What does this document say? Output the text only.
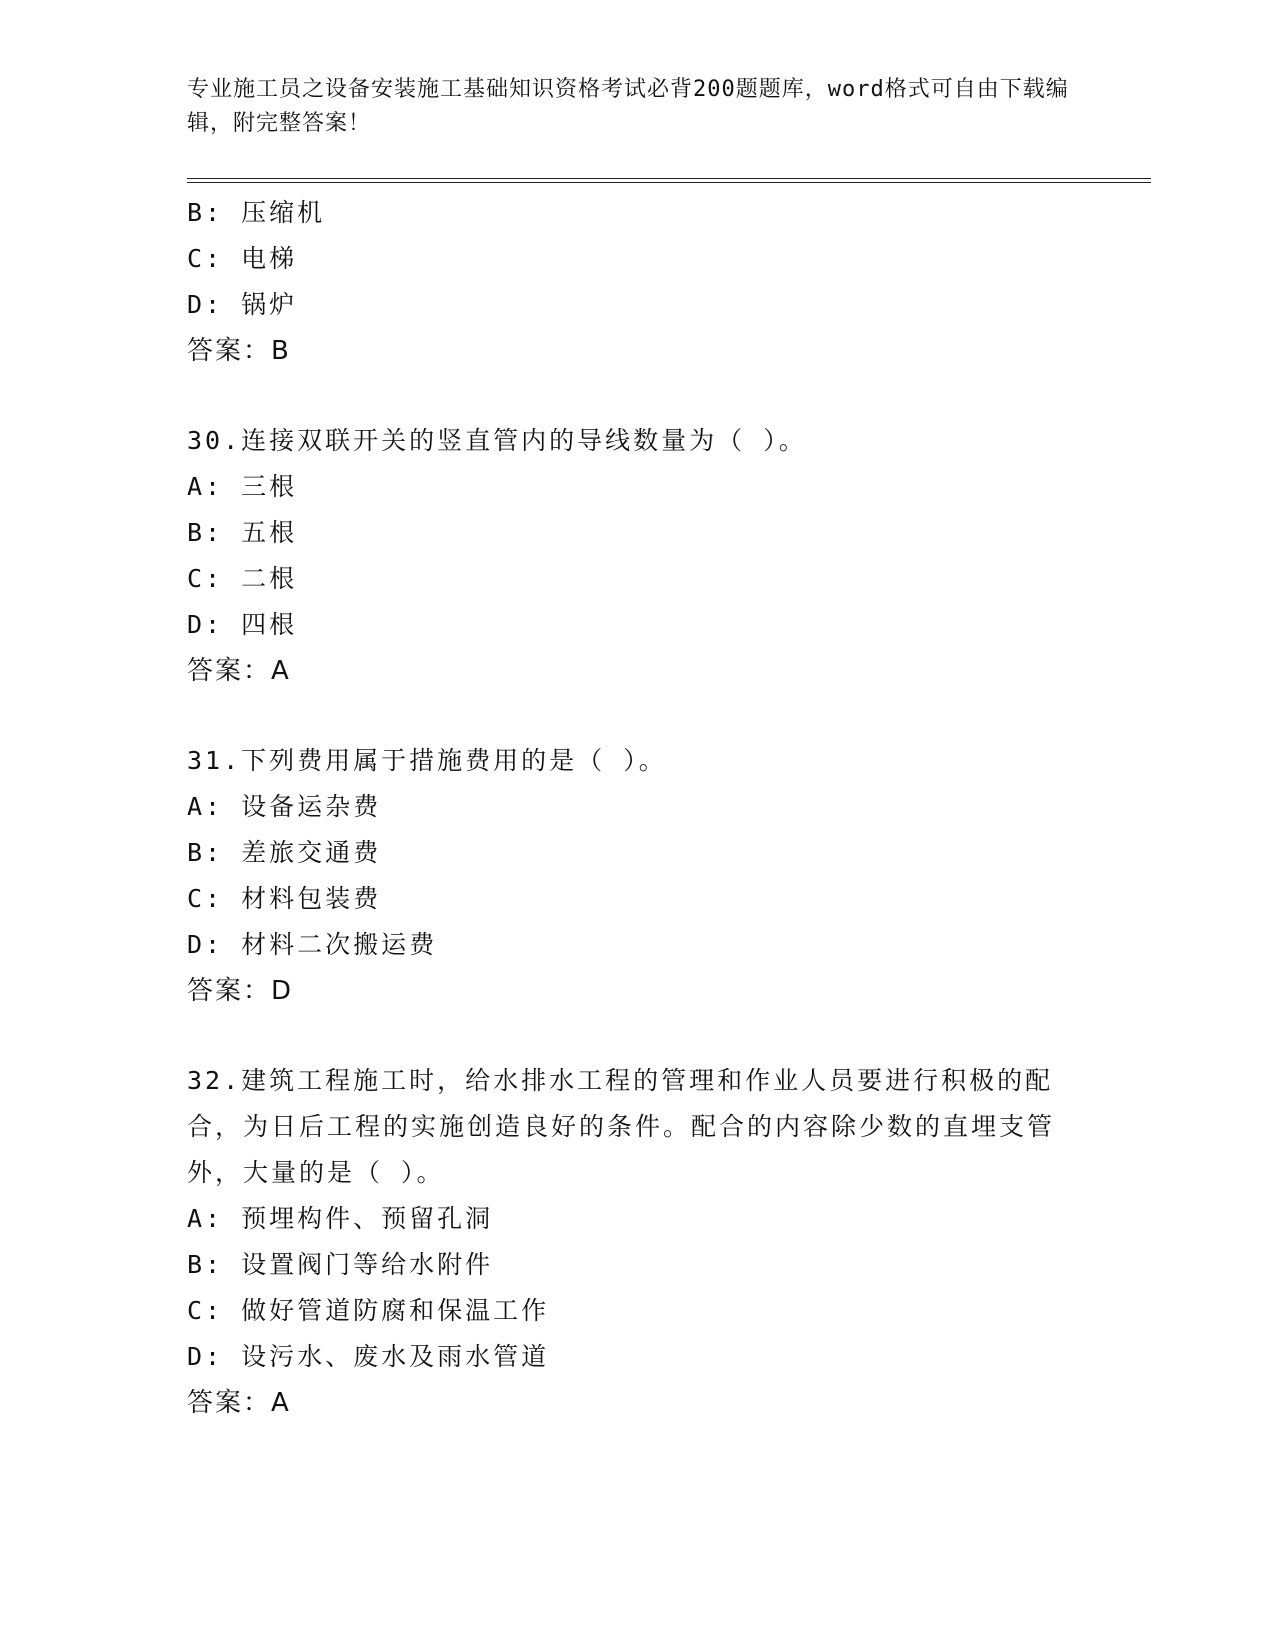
专业施工员之设备安装施工基础知识资格考试必背200题题库，word格式可自由下载编辑，附完整答案！
B: 压缩机
C: 电梯
D: 锅炉
答案：B
30.连接双联开关的竖直管内的导线数量为（ ）。
A: 三根
B: 五根
C: 二根
D: 四根
答案：A
31.下列费用属于措施费用的是（ ）。
A: 设备运杂费
B: 差旅交通费
C: 材料包装费
D: 材料二次搬运费
答案：D
32.建筑工程施工时，给水排水工程的管理和作业人员要进行积极的配合，为日后工程的实施创造良好的条件。配合的内容除少数的直埋支管外，大量的是（ ）。
A: 预埋构件、预留孔洞
B: 设置阀门等给水附件
C: 做好管道防腐和保温工作
D: 设污水、废水及雨水管道
答案：A
